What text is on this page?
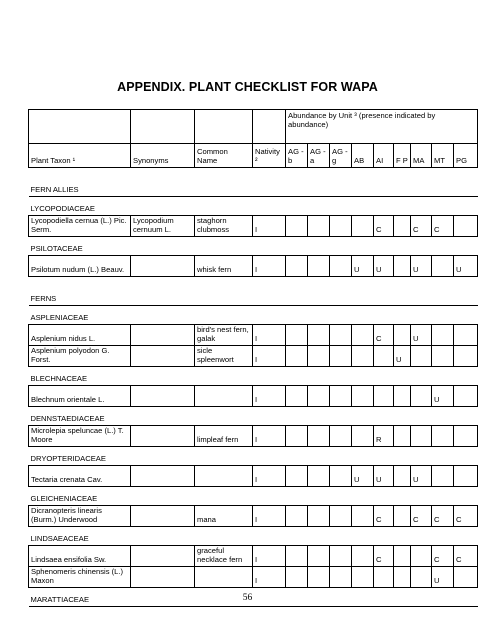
APPENDIX. PLANT CHECKLIST FOR WAPA
				Abundance by Unit ³ (presence indicated by abundance)								
Plant Taxon ¹	Synonyms	Common Name	Nativity ²	AG -b	AG -a	AG -g	AB	AI	F P	MA	MT	PG

FERN ALLIES												
LYCOPODIACEAE												
Lycopodiella cernua (L.) Pic. Serm.	Lycopodium cernuum L.	staghorn clubmoss	I					C		C	C	
PSILOTACEAE												
Psilotum nudum (L.) Beauv.		whisk fern	I				U	U		U		U

FERNS												
ASPLENIACEAE												
Asplenium nidus L.		bird's nest fern, galak	I					C		U		
Asplenium polyodon G. Forst.		sicle spleenwort	I						U			
BLECHNACEAE												
Blechnum orientale L.			I								U	
DENNSTAEDIACEAE												
Microlepia speluncae (L.) T. Moore		limpleaf fern	I					R				
DRYOPTERIDACEAE												
Tectaria crenata Cav.			I				U	U		U		
GLEICHENIACEAE												
Dicranopteris linearis (Burm.) Underwood		mana	I					C		C	C	C
LINDSAEACEAE												
Lindsaea ensifolia Sw.		graceful necklace fern	I					C			C	C
Sphenomeris chinensis (L.) Maxon			I								U	
MARATTIACEAE													56
